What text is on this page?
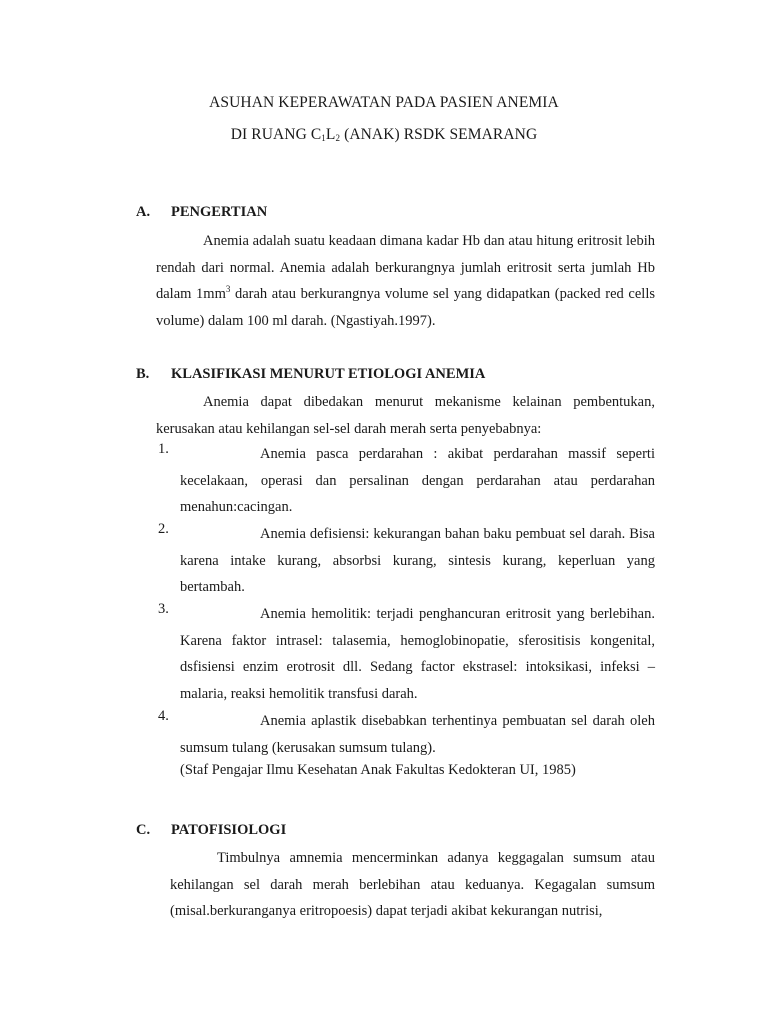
ASUHAN KEPERAWATAN PADA PASIEN ANEMIA
DI RUANG $C_1L_2$ (ANAK) RSDK SEMARANG
A. PENGERTIAN
Anemia adalah suatu keadaan dimana kadar Hb dan atau hitung eritrosit lebih rendah dari normal. Anemia adalah berkurangnya jumlah eritrosit serta jumlah Hb dalam $1mm^3$ darah atau berkurangnya volume sel yang didapatkan (packed red cells volume) dalam 100 ml darah. (Ngastiyah.1997).
B. KLASIFIKASI MENURUT ETIOLOGI ANEMIA
Anemia dapat dibedakan menurut mekanisme kelainan pembentukan, kerusakan atau kehilangan sel-sel darah merah serta penyebabnya:
1.	Anemia pasca perdarahan : akibat perdarahan massif seperti kecelakaan, operasi dan persalinan dengan perdarahan atau perdarahan menahun:cacingan.
2.	Anemia defisiensi: kekurangan bahan baku pembuat sel darah. Bisa karena intake kurang, absorbsi kurang, sintesis kurang, keperluan yang bertambah.
3.	Anemia hemolitik: terjadi penghancuran eritrosit yang berlebihan. Karena faktor intrasel: talasemia, hemoglobinopatie, sferositisis kongenital, dsfisiensi enzim erotrosit dll. Sedang factor ekstrasel: intoksikasi, infeksi –malaria, reaksi hemolitik transfusi darah.
4.	Anemia aplastik disebabkan terhentinya pembuatan sel darah oleh sumsum tulang (kerusakan sumsum tulang).
(Staf Pengajar Ilmu Kesehatan Anak Fakultas Kedokteran UI, 1985)
C. PATOFISIOLOGI
Timbulnya amnemia mencerminkan adanya keggagalan sumsum atau kehilangan sel darah merah berlebihan atau keduanya. Kegagalan sumsum (misal.berkuranganya eritropoesis) dapat terjadi akibat kekurangan nutrisi,
